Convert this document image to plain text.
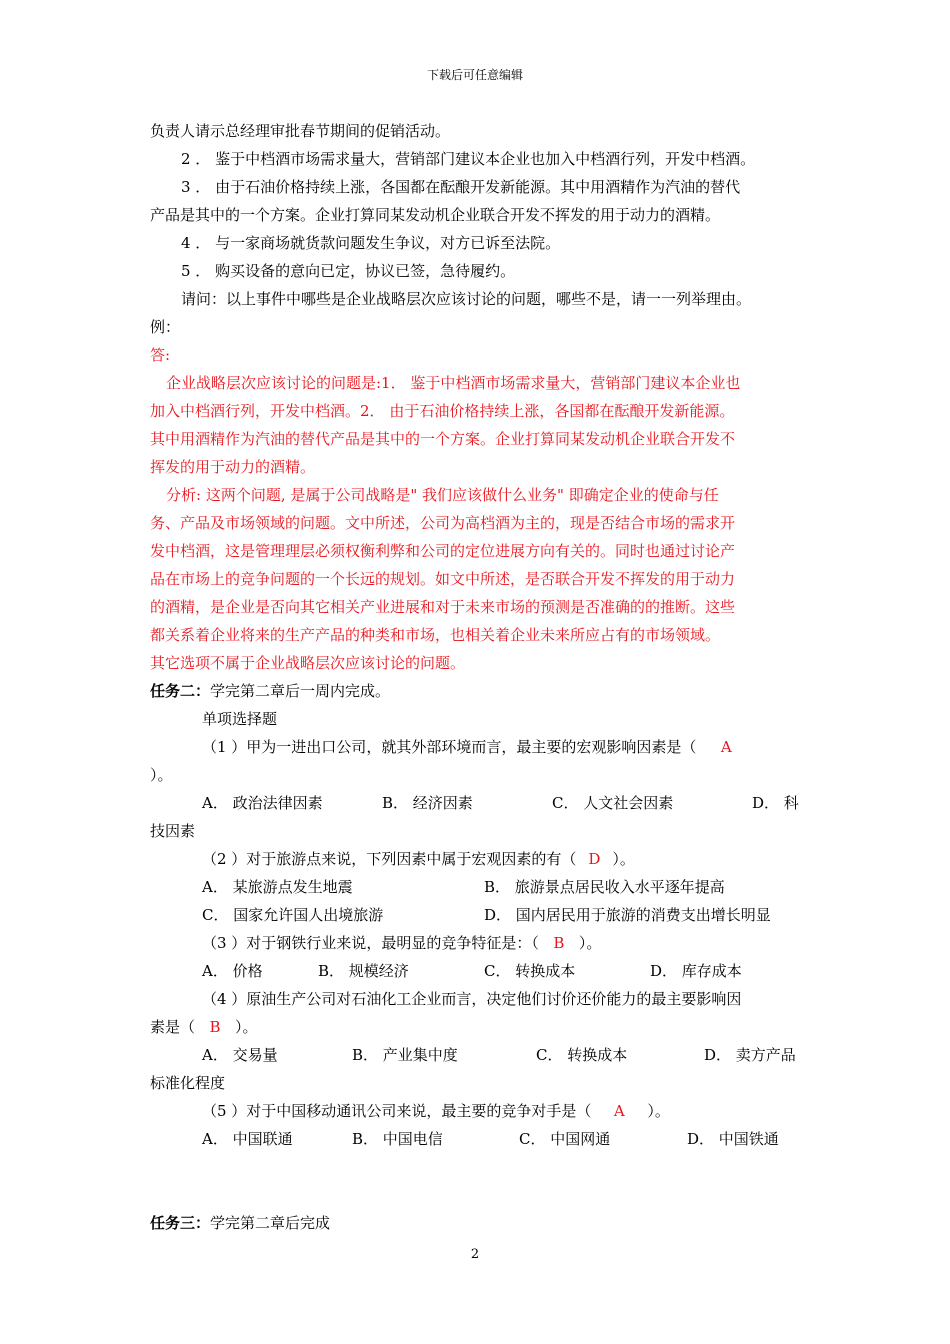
下载后可任意编辑

负责人请示总经理审批春节期间的促销活动。

2 ． 鉴于中档酒市场需求量大，营销部门建议本企业也加入中档酒行列，开发中档酒。

3 ． 由于石油价格持续上涨，各国都在酝酿开发新能源。其中用酒精作为汽油的替代

产品是其中的一个方案。企业打算同某发动机企业联合开发不挥发的用于动力的酒精。

4 ． 与一家商场就货款问题发生争议，对方已诉至法院。

5 ． 购买设备的意向已定，协议已签，急待履约。

请问：以上事件中哪些是企业战略层次应该讨论的问题，哪些不是，请一一列举理由。

例：

答:

企业战略层次应该讨论的问题是:1． 鉴于中档酒市场需求量大，营销部门建议本企业也

加入中档酒行列，开发中档酒。2． 由于石油价格持续上涨，各国都在酝酿开发新能源。

其中用酒精作为汽油的替代产品是其中的一个方案。企业打算同某发动机企业联合开发不

挥发的用于动力的酒精。

分析: 这两个问题, 是属于公司战略是" 我们应该做什么业务" 即确定企业的使命与任

务、产品及市场领域的问题。文中所述，公司为高档酒为主的，现是否结合市场的需求开

发中档酒，这是管理理层必须权衡利弊和公司的定位进展方向有关的。同时也通过讨论产

品在市场上的竞争问题的一个长远的规划。如文中所述，是否联合开发不挥发的用于动力

的酒精，是企业是否向其它相关产业进展和对于未来市场的预测是否准确的的推断。这些

都关系着企业将来的生产产品的种类和市场，也相关着企业未来所应占有的市场领域。

其它选项不属于企业战略层次应该讨论的问题。

任务二：学完第二章后一周内完成。

单项选择题

（1 ）甲为一进出口公司，就其外部环境而言，最主要的宏观影响因素是（ A

）。

A． 政治法律因素	B． 经济因素	C． 人文社会因素	D． 科

技因素

（2 ）对于旅游点来说，下列因素中属于宏观因素的有（ D ）。

A． 某旅游点发生地震	B． 旅游景点居民收入水平逐年提高
C． 国家允许国人出境旅游	D． 国内居民用于旅游的消费支出增长明显

（3 ）对于钢铁行业来说，最明显的竞争特征是：（ B ）。

A． 价格	B． 规模经济	C． 转换成本	D． 库存成本

（4 ）原油生产公司对石油化工企业而言，决定他们讨价还价能力的最主要影响因

素是（ B ）。

A． 交易量	B． 产业集中度	C． 转换成本	D． 卖方产品

标准化程度

（5 ）对于中国移动通讯公司来说，最主要的竞争对手是（ A ）。

A． 中国联通	B． 中国电信	C． 中国网通	D． 中国铁通

任务三：学完第二章后完成

2
